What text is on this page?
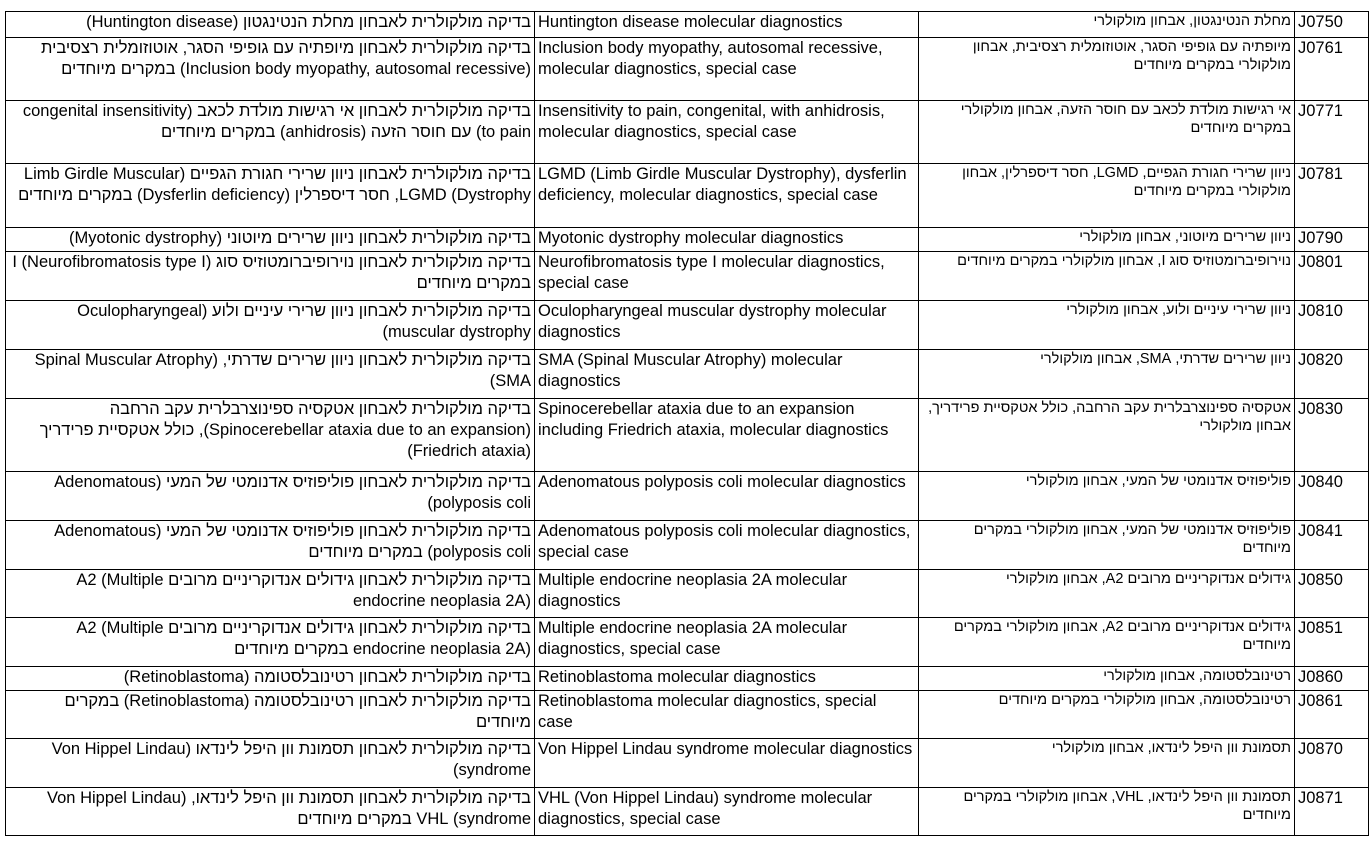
בדיקה מולקולרית לאבחון מחלת הנטינגטון (Huntington disease)	Huntington disease molecular diagnostics	מחלת הנטינגטון, אבחון מולקולרי	J0750
בדיקה מולקולרית לאבחון מיופתיה עם גופיפי הסגר, אוטוזומלית רצסיבית (Inclusion body myopathy, autosomal recessive) במקרים מיוחדים	Inclusion body myopathy, autosomal recessive, molecular diagnostics, special case	מיופתיה עם גופיפי הסגר, אוטוזומלית רצסיבית, אבחון מולקולרי במקרים מיוחדים	J0761
בדיקה מולקולרית לאבחון אי רגישות מולדת לכאב (congenital insensitivity to pain) עם חוסר הזעה (anhidrosis) במקרים מיוחדים	Insensitivity to pain, congenital, with anhidrosis, molecular diagnostics, special case	אי רגישות מולדת לכאב עם חוסר הזעה, אבחון מולקולרי במקרים מיוחדים	J0771
בדיקה מולקולרית לאבחון ניוון שרירי חגורת הגפיים (Limb Girdle Muscular Dystrophy) LGMD, חסר דיספרלין (Dysferlin deficiency) במקרים מיוחדים	LGMD (Limb Girdle Muscular Dystrophy), dysferlin deficiency, molecular diagnostics, special case	ניוון שרירי חגורת הגפיים, LGMD, חסר דיספרלין, אבחון מולקולרי במקרים מיוחדים	J0781
בדיקה מולקולרית לאבחון ניוון שרירים מיוטוני (Myotonic dystrophy)	Myotonic dystrophy molecular diagnostics	ניוון שרירים מיוטוני, אבחון מולקולרי	J0790
בדיקה מולקולרית לאבחון נוירופיברומטוזיס סוג I (Neurofibromatosis type I) במקרים מיוחדים	Neurofibromatosis type I molecular diagnostics, special case	נוירופיברומטוזיס סוג I, אבחון מולקולרי במקרים מיוחדים	J0801
בדיקה מולקולרית לאבחון ניוון שרירי עיניים ולוע (Oculopharyngeal muscular dystrophy)	Oculopharyngeal muscular dystrophy molecular diagnostics	ניוון שרירי עיניים ולוע, אבחון מולקולרי	J0810
בדיקה מולקולרית לאבחון ניוון שרירים שדרתי, (Spinal Muscular Atrophy SMA)	SMA (Spinal Muscular Atrophy) molecular diagnostics	ניוון שרירים שדרתי, SMA, אבחון מולקולרי	J0820
בדיקה מולקולרית לאבחון אטקסיה ספינוצרבלרית עקב הרחבה (Spinocerebellar ataxia due to an expansion), כולל אטקסיית פרידריך (Friedrich ataxia)	Spinocerebellar ataxia due to an expansion including Friedrich ataxia, molecular diagnostics	אטקסיה ספינוצרבלרית עקב הרחבה, כולל אטקסיית פרידריך, אבחון מולקולרי	J0830
בדיקה מולקולרית לאבחון פוליפוזיס אדנומטי של המעי (Adenomatous polyposis coli)	Adenomatous polyposis coli molecular diagnostics	פוליפוזיס אדנומטי של המעי, אבחון מולקולרי	J0840
בדיקה מולקולרית לאבחון פוליפוזיס אדנומטי של המעי (Adenomatous polyposis coli) במקרים מיוחדים	Adenomatous polyposis coli molecular diagnostics, special case	פוליפוזיס אדנומטי של המעי, אבחון מולקולרי במקרים מיוחדים	J0841
בדיקה מולקולרית לאבחון גידולים אנדוקריניים מרובים A2 (Multiple endocrine neoplasia 2A)	Multiple endocrine neoplasia 2A molecular diagnostics	גידולים אנדוקריניים מרובים A2, אבחון מולקולרי	J0850
בדיקה מולקולרית לאבחון גידולים אנדוקריניים מרובים A2 (Multiple endocrine neoplasia 2A) במקרים מיוחדים	Multiple endocrine neoplasia 2A molecular diagnostics, special case	גידולים אנדוקריניים מרובים A2, אבחון מולקולרי במקרים מיוחדים	J0851
בדיקה מולקולרית לאבחון רטינובלסטומה (Retinoblastoma)	Retinoblastoma molecular diagnostics	רטינובלסטומה, אבחון מולקולרי	J0860
בדיקה מולקולרית לאבחון רטינובלסטומה (Retinoblastoma) במקרים מיוחדים	Retinoblastoma molecular diagnostics, special case	רטינובלסטומה, אבחון מולקולרי במקרים מיוחדים	J0861
בדיקה מולקולרית לאבחון תסמונת וון היפל לינדאו (Von Hippel Lindau syndrome)	Von Hippel Lindau syndrome molecular diagnostics	תסמונת וון היפל לינדאו, אבחון מולקולרי	J0870
בדיקה מולקולרית לאבחון תסמונת וון היפל לינדאו, (Von Hippel Lindau syndrome) VHL במקרים מיוחדים	VHL (Von Hippel Lindau) syndrome molecular diagnostics, special case	תסמונת וון היפל לינדאו, VHL, אבחון מולקולרי במקרים מיוחדים	J0871
